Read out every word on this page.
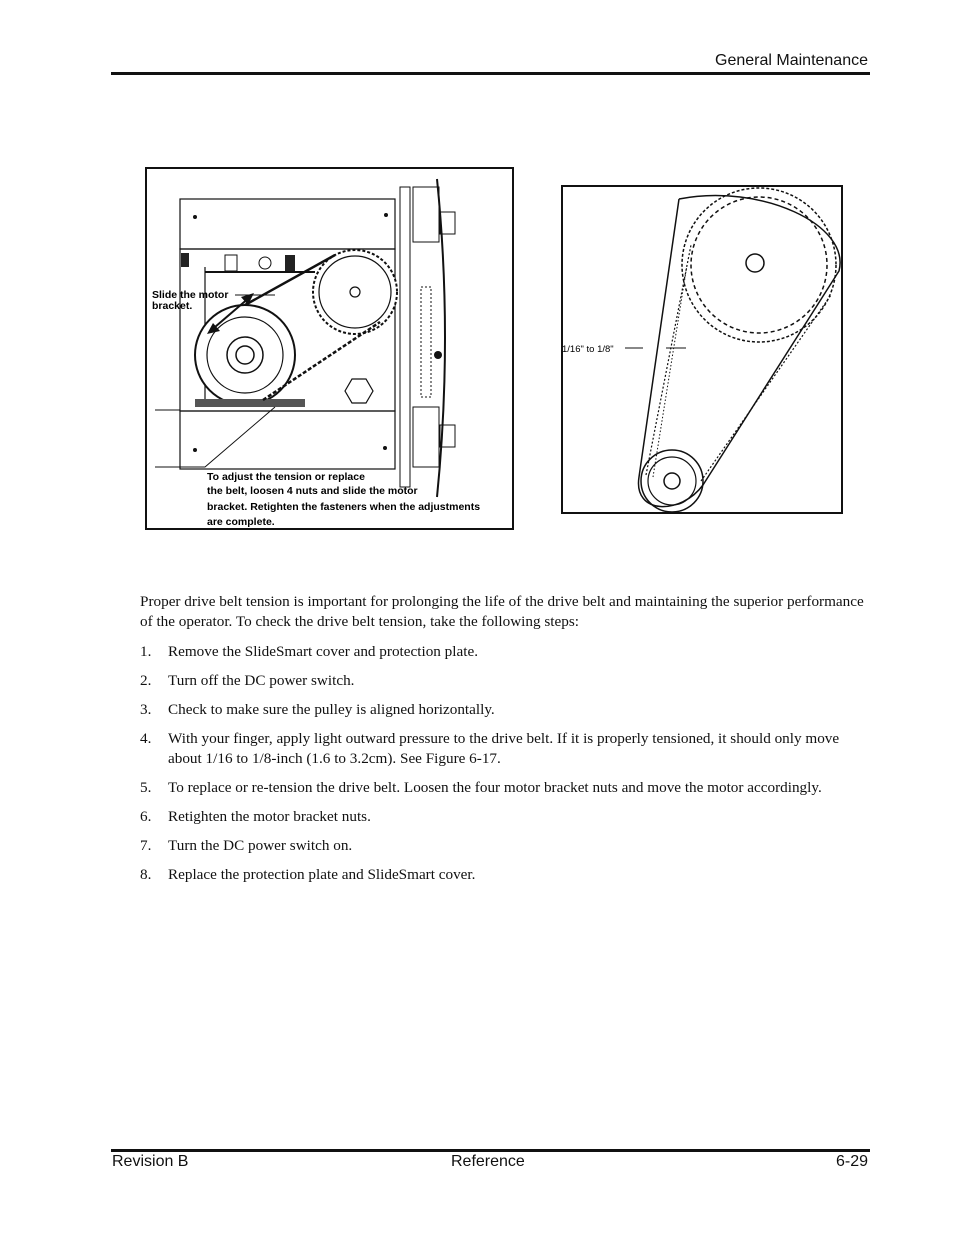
General Maintenance
Slide the motor
bracket.
To adjust the tension or replace
the belt, loosen 4 nuts and slide the motor
bracket. Retighten the fasteners when the adjustments
are complete.
1/16" to 1/8"

Proper drive belt tension is important for prolonging the life of the drive belt and maintaining the superior performance of the operator. To check the drive belt tension, take the following steps:

1.	Remove the SlideSmart cover and protection plate.
2.	Turn off the DC power switch.
3.	Check to make sure the pulley is aligned horizontally.
4.	With your finger, apply light outward pressure to the drive belt. If it is properly tensioned, it should only move about 1/16 to 1/8-inch (1.6 to 3.2cm). See Figure 6-17.
5.	To replace or re-tension the drive belt. Loosen the four motor bracket nuts and move the motor accordingly.
6.	Retighten the motor bracket nuts.
7.	Turn the DC power switch on.
8.	Replace the protection plate and SlideSmart cover.
Revision B	Reference	6-29
